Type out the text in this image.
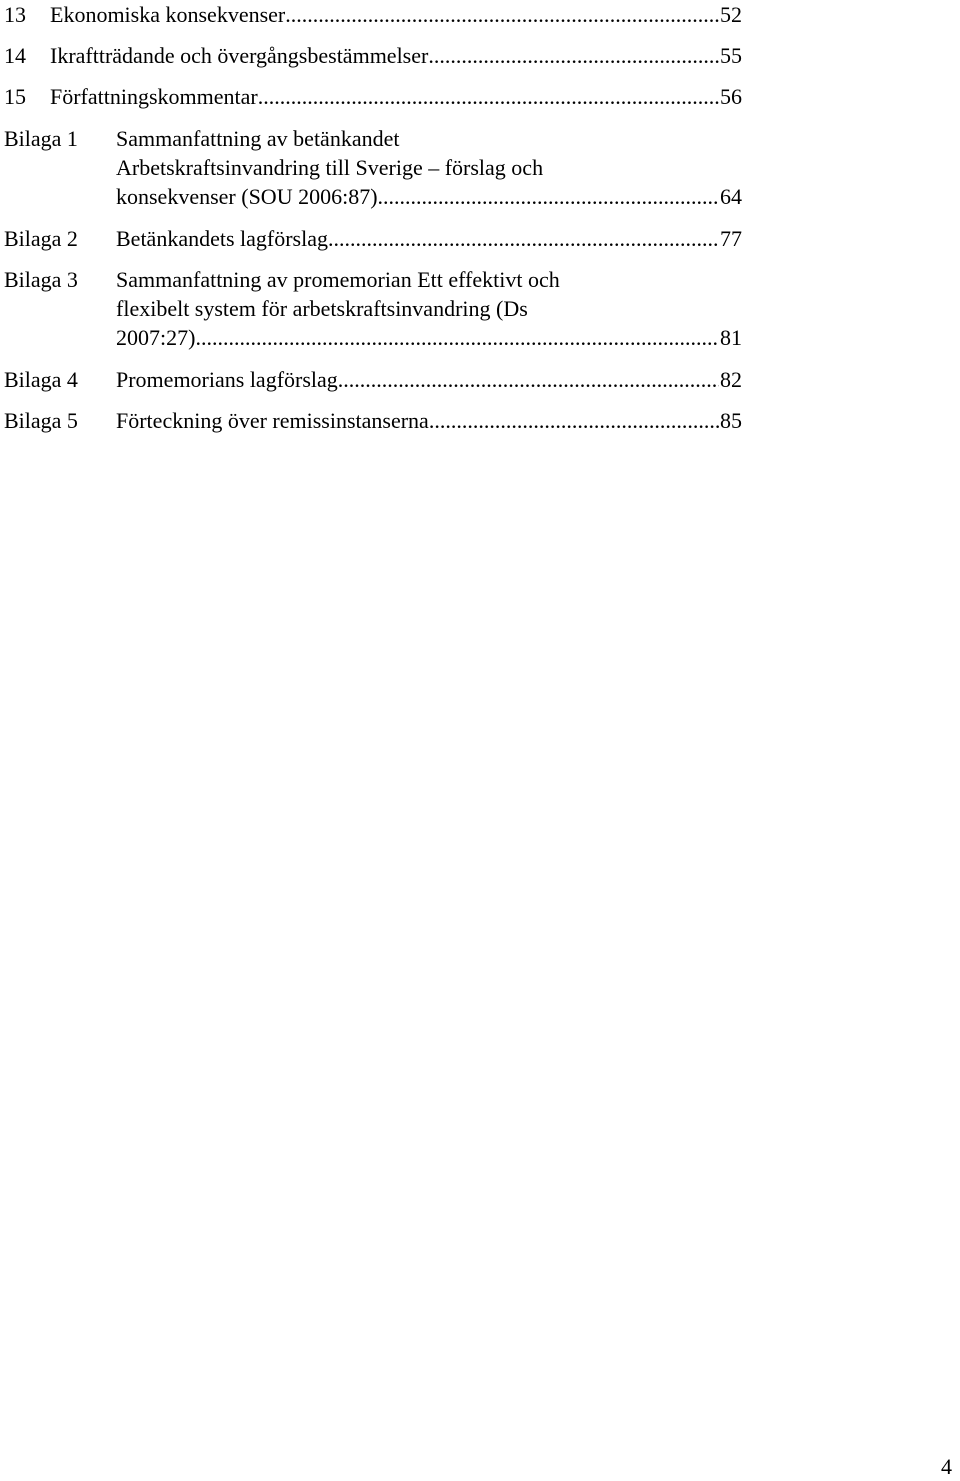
13 Ekonomiska konsekvenser .....	52
14 Ikraftträdande och övergångsbestämmelser .....	55
15 Författningskommentar .....	56
Bilaga 1 Sammanfattning av betänkandet
Arbetskraftsinvandring till Sverige – förslag och
konsekvenser (SOU 2006:87) .....	64
Bilaga 2 Betänkandets lagförslag .....	77
Bilaga 3 Sammanfattning av promemorian Ett effektivt och
flexibelt system för arbetskraftsinvandring (Ds
2007:27) .....	81
Bilaga 4 Promemorians lagförslag .....	82
Bilaga 5 Förteckning över remissinstanserna .....	85
4
